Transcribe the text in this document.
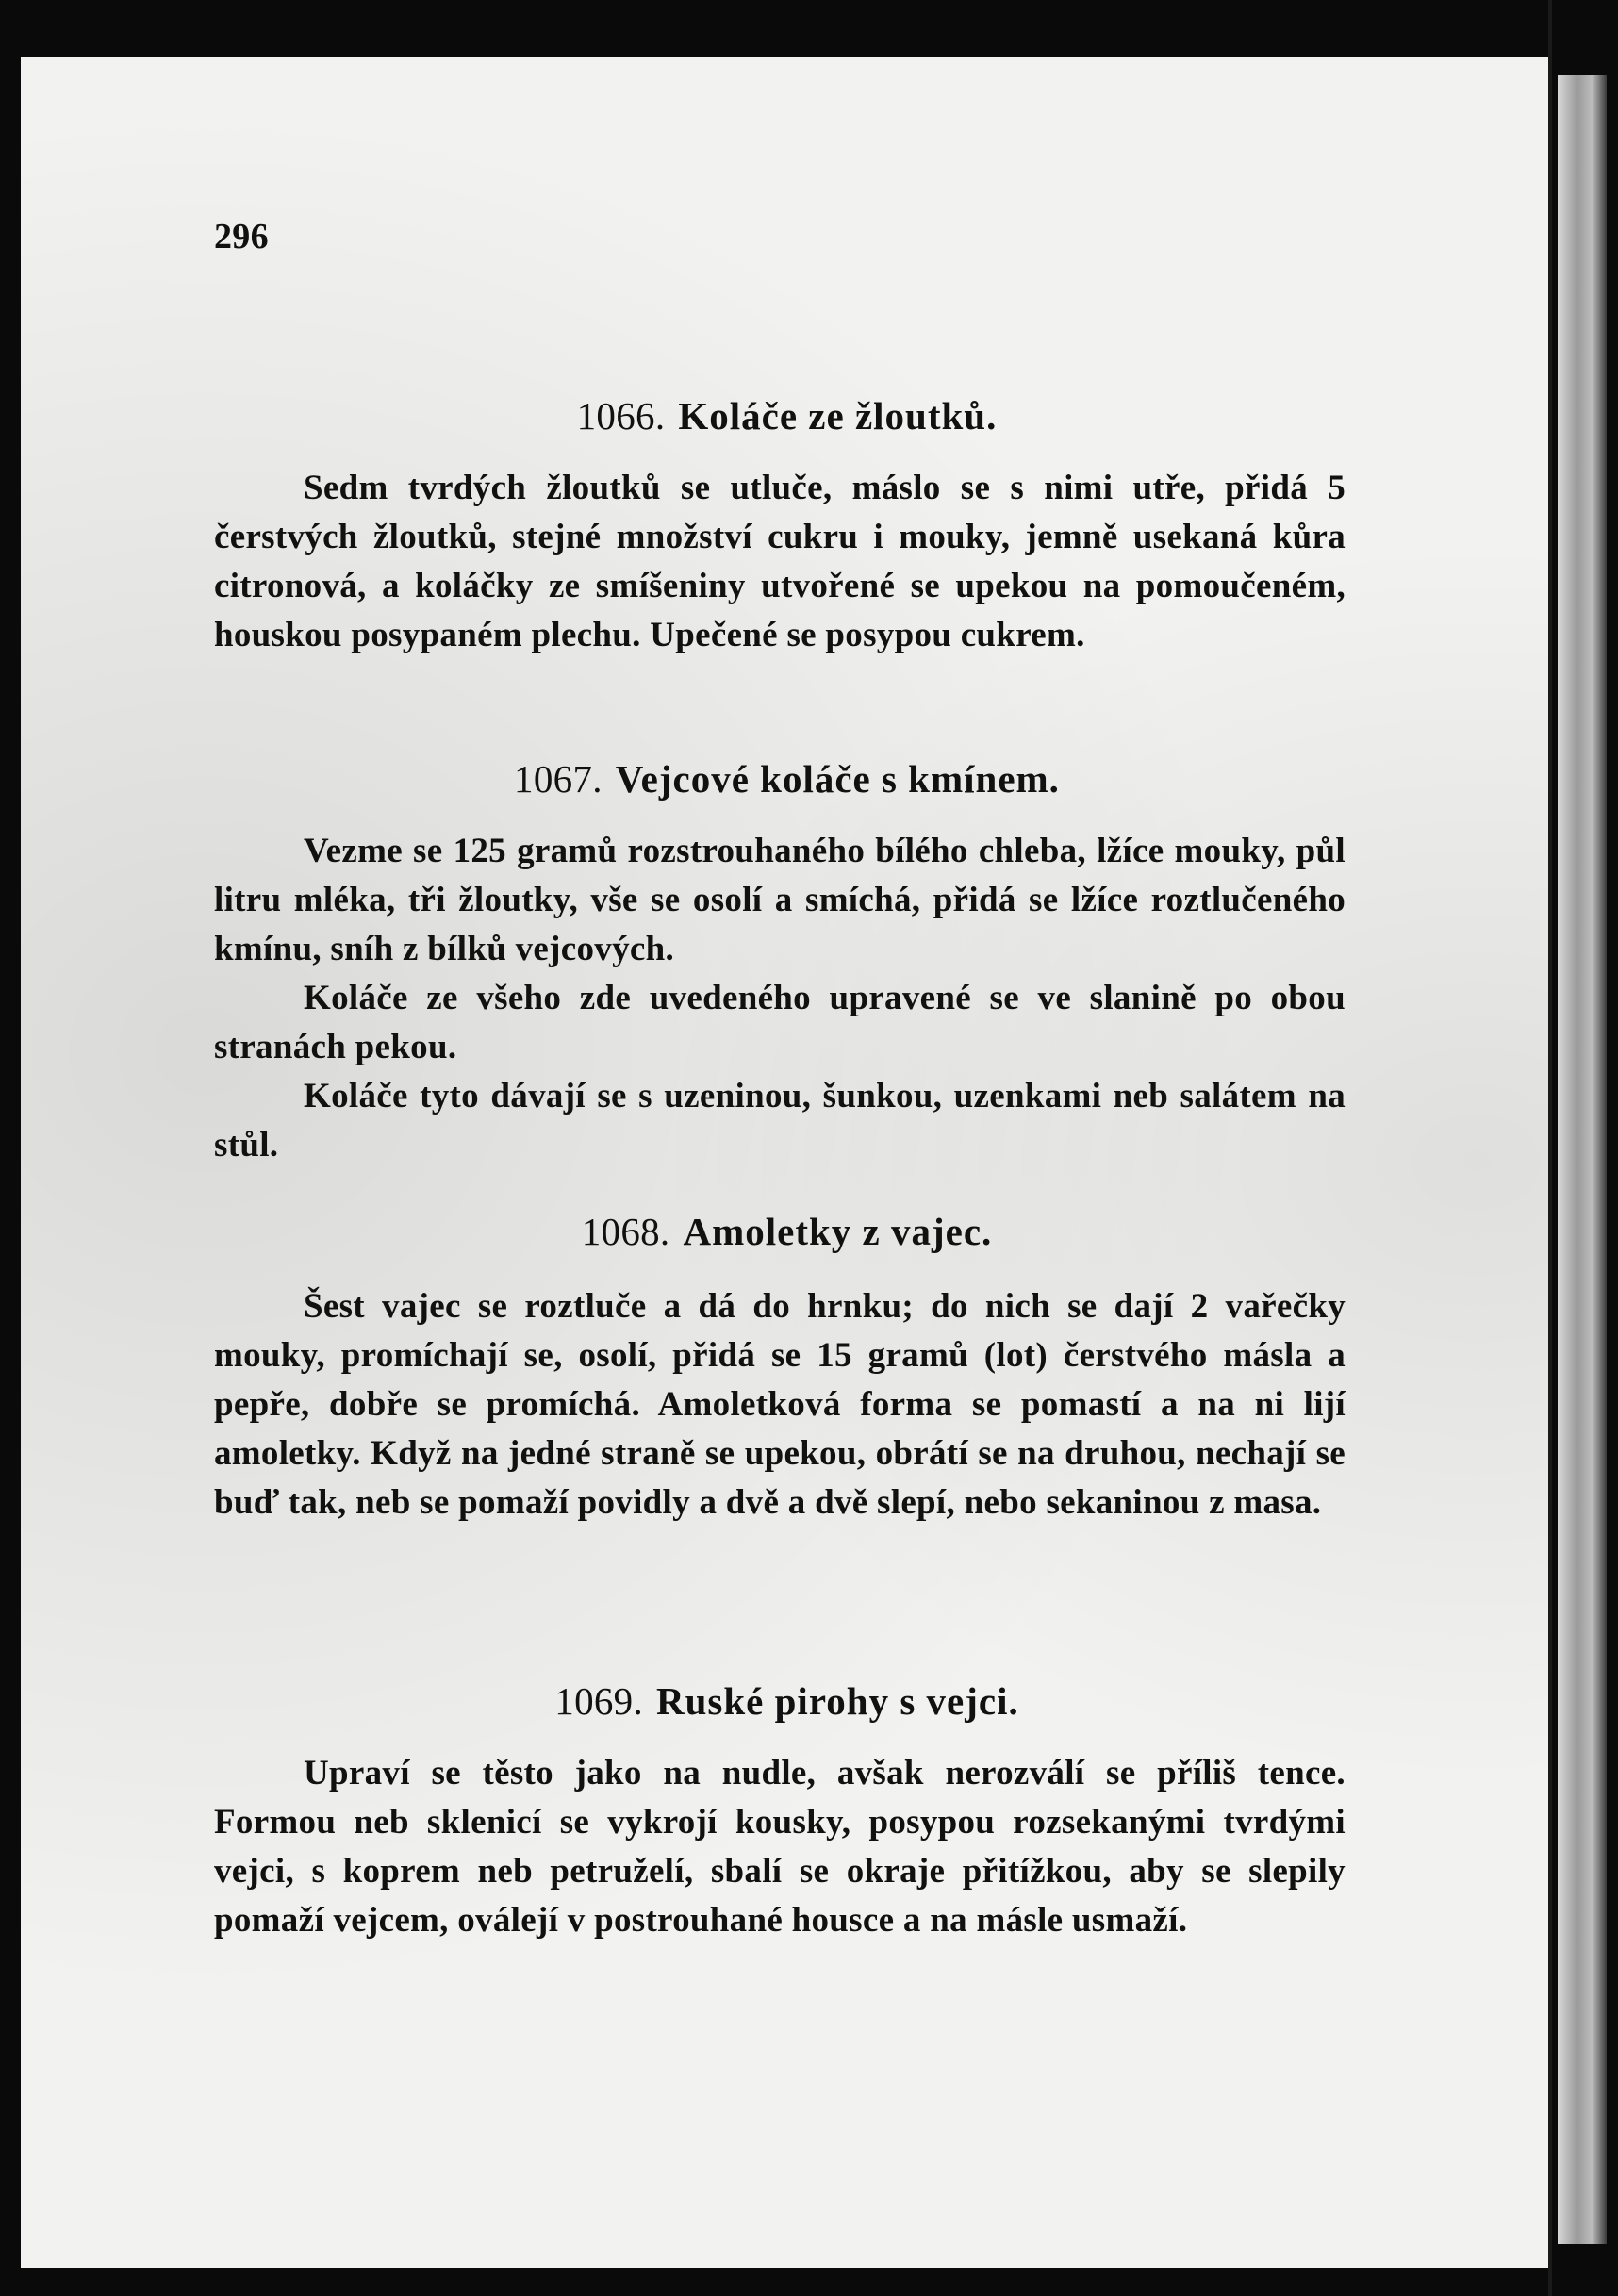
296
1066. Koláče ze žloutků.

Sedm tvrdých žloutků se utluče, máslo se s nimi utře, přidá 5 čerstvých žloutků, stejné množství cukru i mouky, jemně usekaná kůra citronová, a koláčky ze smíšeniny utvořené se upekou na pomoučeném, houskou posypaném plechu. Upečené se posypou cukrem.

1067. Vejcové koláče s kmínem.

Vezme se 125 gramů rozstrouhaného bílého chleba, lžíce mouky, půl litru mléka, tři žloutky, vše se osolí a smíchá, přidá se lžíce roztlučeného kmínu, sníh z bílků vejcových.

Koláče ze všeho zde uvedeného upravené se ve slanině po obou stranách pekou.

Koláče tyto dávají se s uzeninou, šunkou, uzenkami neb salátem na stůl.

1068. Amoletky z vajec.

Šest vajec se roztluče a dá do hrnku; do nich se dají 2 vařečky mouky, promíchají se, osolí, přidá se 15 gramů (lot) čerstvého másla a pepře, dobře se promíchá. Amoletková forma se pomastí a na ni lijí amoletky. Když na jedné straně se upekou, obrátí se na druhou, nechají se buď tak, neb se pomaží povidly a dvě a dvě slepí, nebo sekaninou z masa.

1069. Ruské pirohy s vejci.

Upraví se těsto jako na nudle, avšak nerozválí se příliš tence. Formou neb sklenicí se vykrojí kousky, posypou rozsekanými tvrdými vejci, s koprem neb petruželí, sbalí se okraje přitížkou, aby se slepily pomaží vejcem, oválejí v postrouhané housce a na másle usmaží.
